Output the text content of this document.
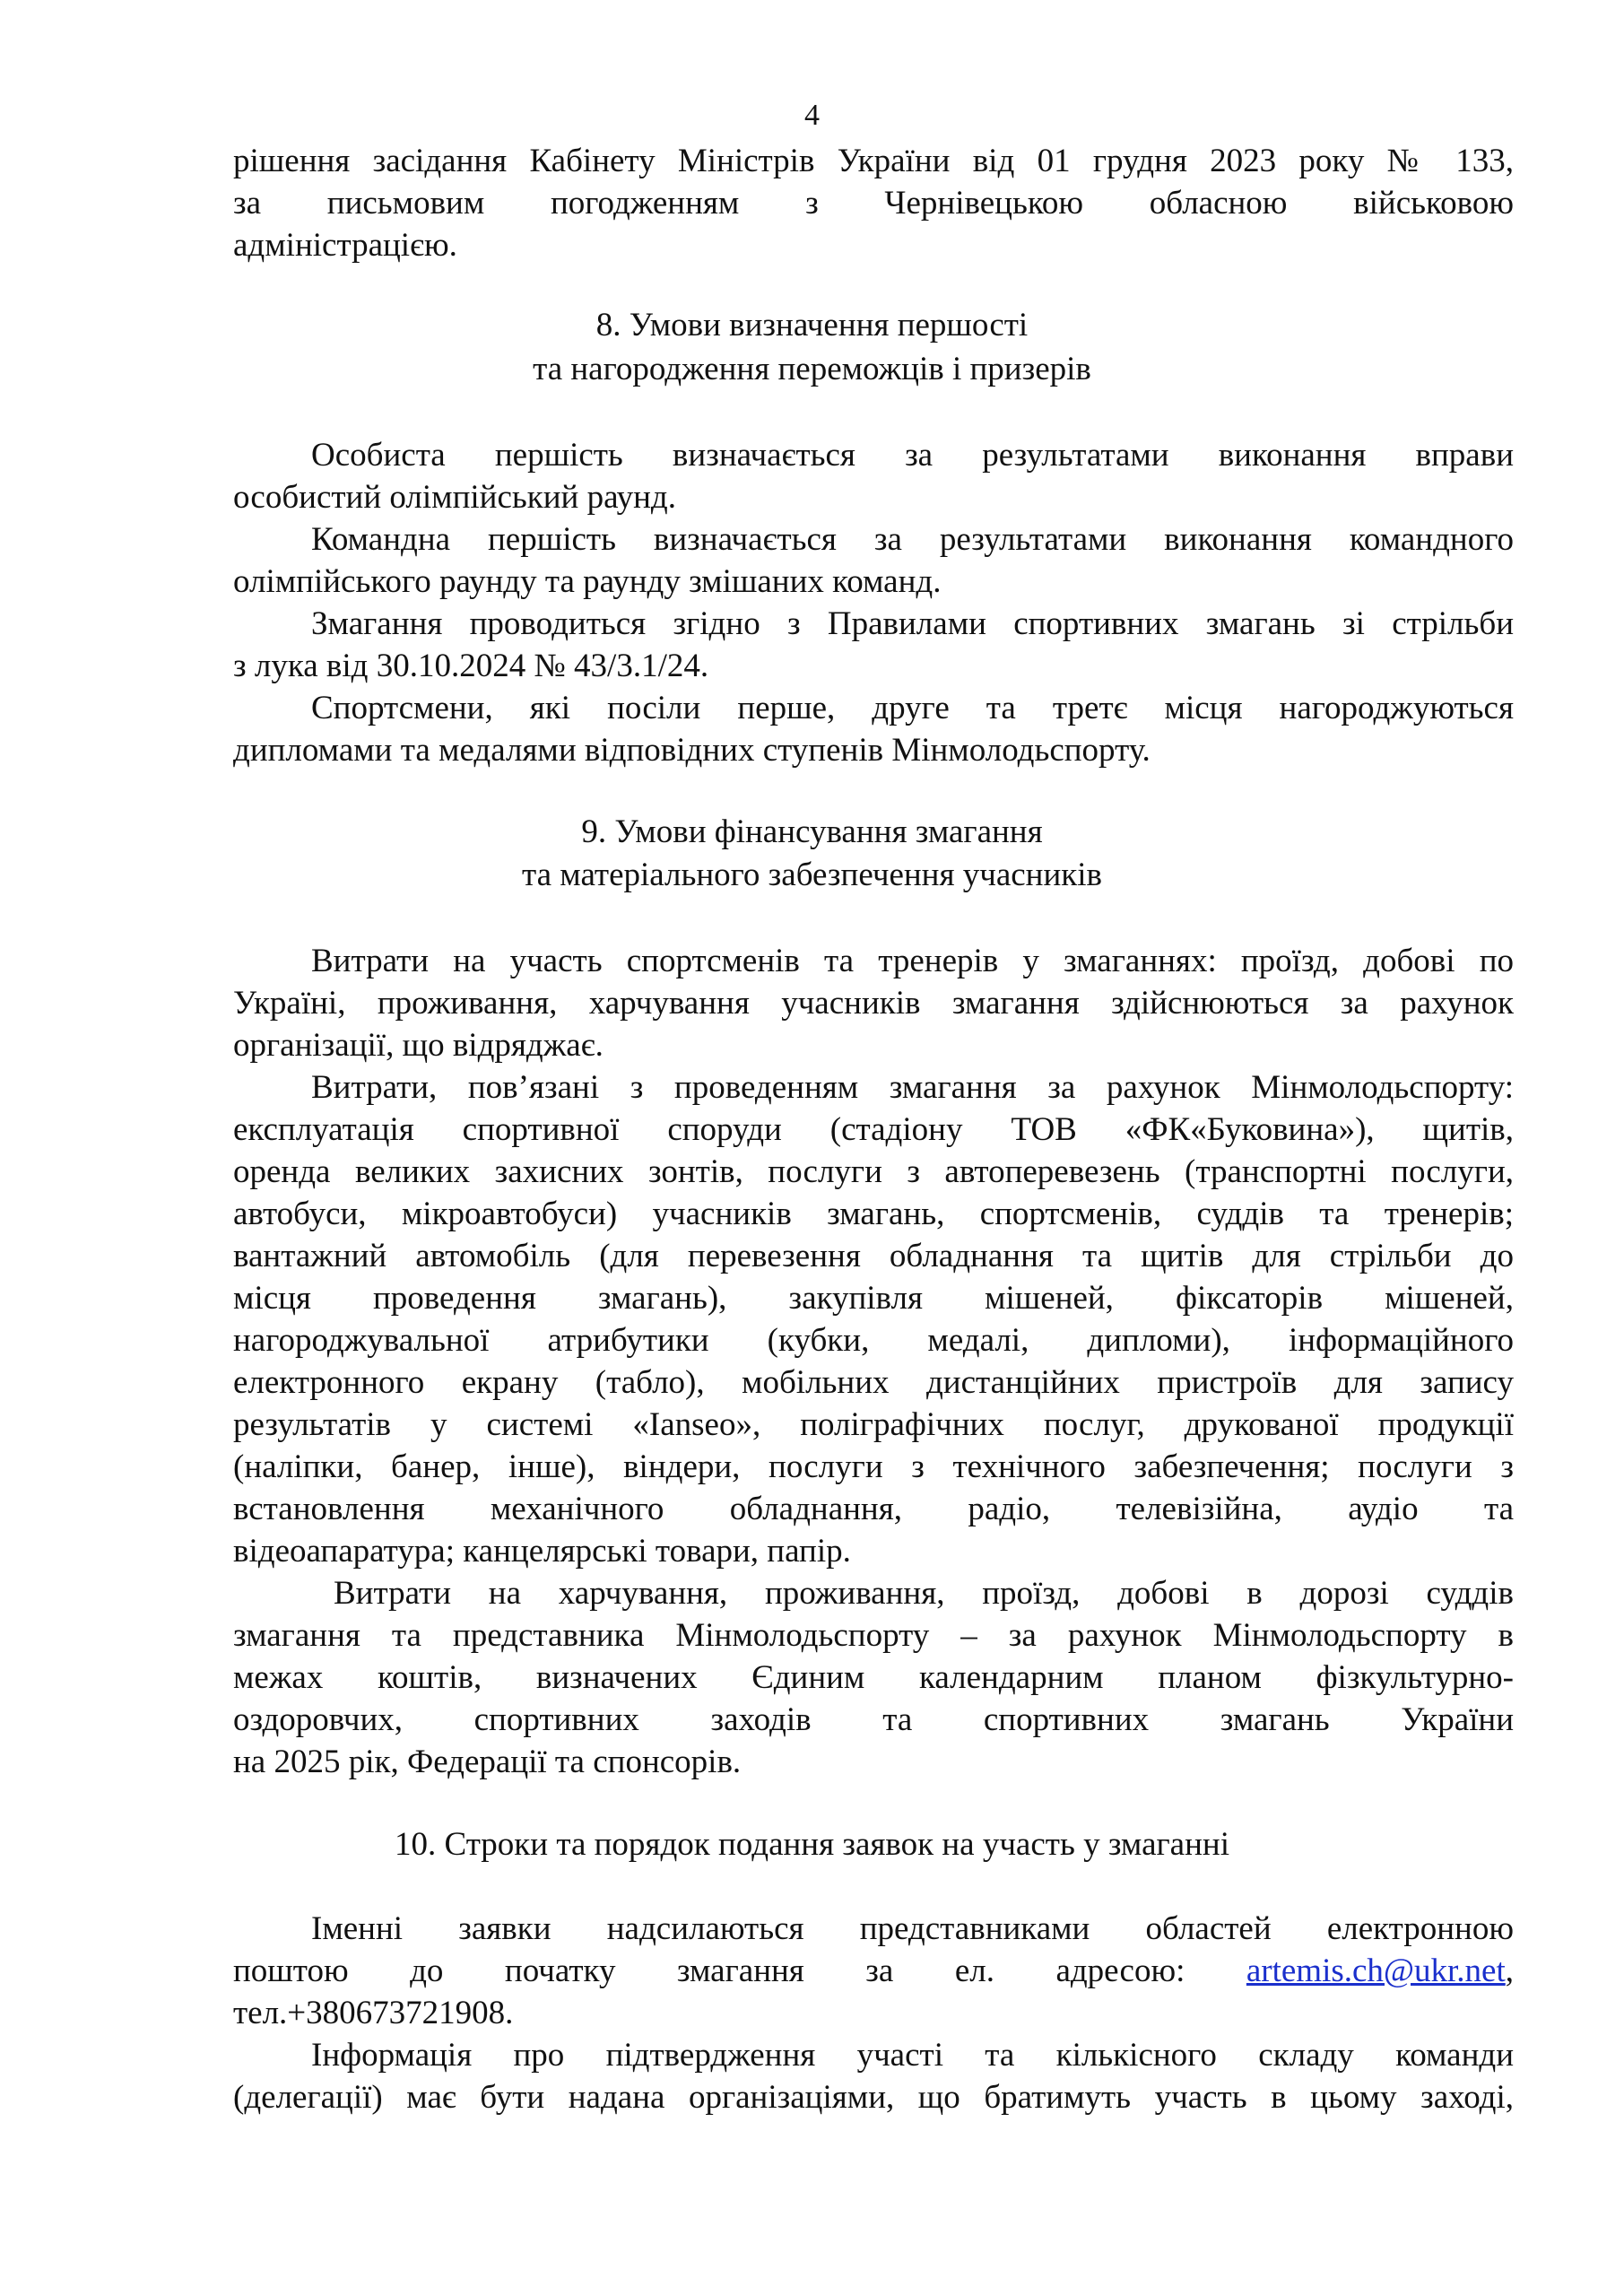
4
рішення засідання Кабінету Міністрів України від 01 грудня 2023 року № 133,
за письмовим погодженням з Чернівецькою обласною військовою
адміністрацією.
8. Умови визначення першості
та нагородження переможців і призерів
Особиста першість визначається за результатами виконання вправи
особистий олімпійський раунд.
Командна першість визначається за результатами виконання командного
олімпійського раунду та раунду змішаних команд.
Змагання проводиться згідно з Правилами спортивних змагань зі стрільби
з лука від 30.10.2024 № 43/3.1/24.
Спортсмени, які посіли перше, друге та третє місця нагороджуються
дипломами та медалями відповідних ступенів Мінмолодьспорту.
9. Умови фінансування змагання
та матеріального забезпечення учасників
Витрати на участь спортсменів та тренерів у змаганнях: проїзд, добові по
Україні, проживання, харчування учасників змагання здійснюються за рахунок
організації, що відряджає.
Витрати, пов’язані з проведенням змагання за рахунок Мінмолодьспорту:
експлуатація спортивної споруди (стадіону ТОВ «ФК«Буковина»), щитів,
оренда великих захисних зонтів, послуги з автоперевезень (транспортні послуги,
автобуси, мікроавтобуси) учасників змагань, спортсменів, суддів та тренерів;
вантажний автомобіль (для перевезення обладнання та щитів для стрільби до
місця проведення змагань), закупівля мішеней, фіксаторів мішеней,
нагороджувальної атрибутики (кубки, медалі, дипломи), інформаційного
електронного екрану (табло), мобільних дистанційних пристроїв для запису
результатів у системі «Ianseo», поліграфічних послуг, друкованої продукції
(наліпки, банер, інше), віндери, послуги з технічного забезпечення; послуги з
встановлення механічного обладнання, радіо, телевізійна, аудіо та
відеоапаратура; канцелярські товари, папір.
Витрати на харчування, проживання, проїзд, добові в дорозі суддів
змагання та представника Мінмолодьспорту – за рахунок Мінмолодьспорту в
межах коштів, визначених Єдиним календарним планом фізкультурно-
оздоровчих, спортивних заходів та спортивних змагань України
на 2025 рік, Федерації та спонсорів.
10. Строки та порядок подання заявок на участь у змаганні
Іменні заявки надсилаються представниками областей електронною
поштою до початку змагання за ел. адресою: artemis.ch@ukr.net,
тел.+380673721908.
Інформація про підтвердження участі та кількісного складу команди
(делегації) має бути надана організаціями, що братимуть участь в цьому заході,
